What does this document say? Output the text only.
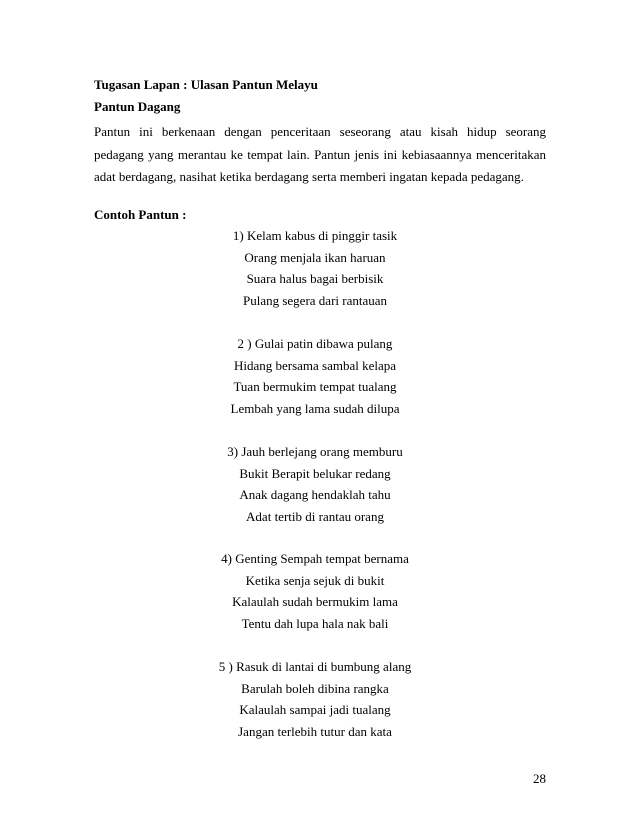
Tugasan Lapan : Ulasan Pantun Melayu
Pantun Dagang
Pantun ini berkenaan dengan penceritaan seseorang atau kisah hidup seorang pedagang yang merantau ke tempat lain. Pantun jenis ini kebiasaannya menceritakan adat berdagang, nasihat ketika berdagang serta memberi ingatan kepada pedagang.
Contoh Pantun :
1) Kelam kabus di pinggir tasik
Orang menjala ikan haruan
Suara halus bagai berbisik
Pulang segera dari rantauan
2 ) Gulai patin dibawa pulang
Hidang bersama sambal kelapa
Tuan bermukim tempat tualang
Lembah yang lama sudah dilupa
3) Jauh berlejang orang memburu
Bukit Berapit belukar redang
Anak dagang hendaklah tahu
Adat tertib di rantau orang
4) Genting Sempah tempat bernama
Ketika senja sejuk di bukit
Kalaulah sudah bermukim lama
Tentu dah lupa hala nak bali
5 ) Rasuk di lantai di bumbung alang
Barulah boleh dibina rangka
Kalaulah sampai jadi tualang
Jangan terlebih tutur dan kata
28
